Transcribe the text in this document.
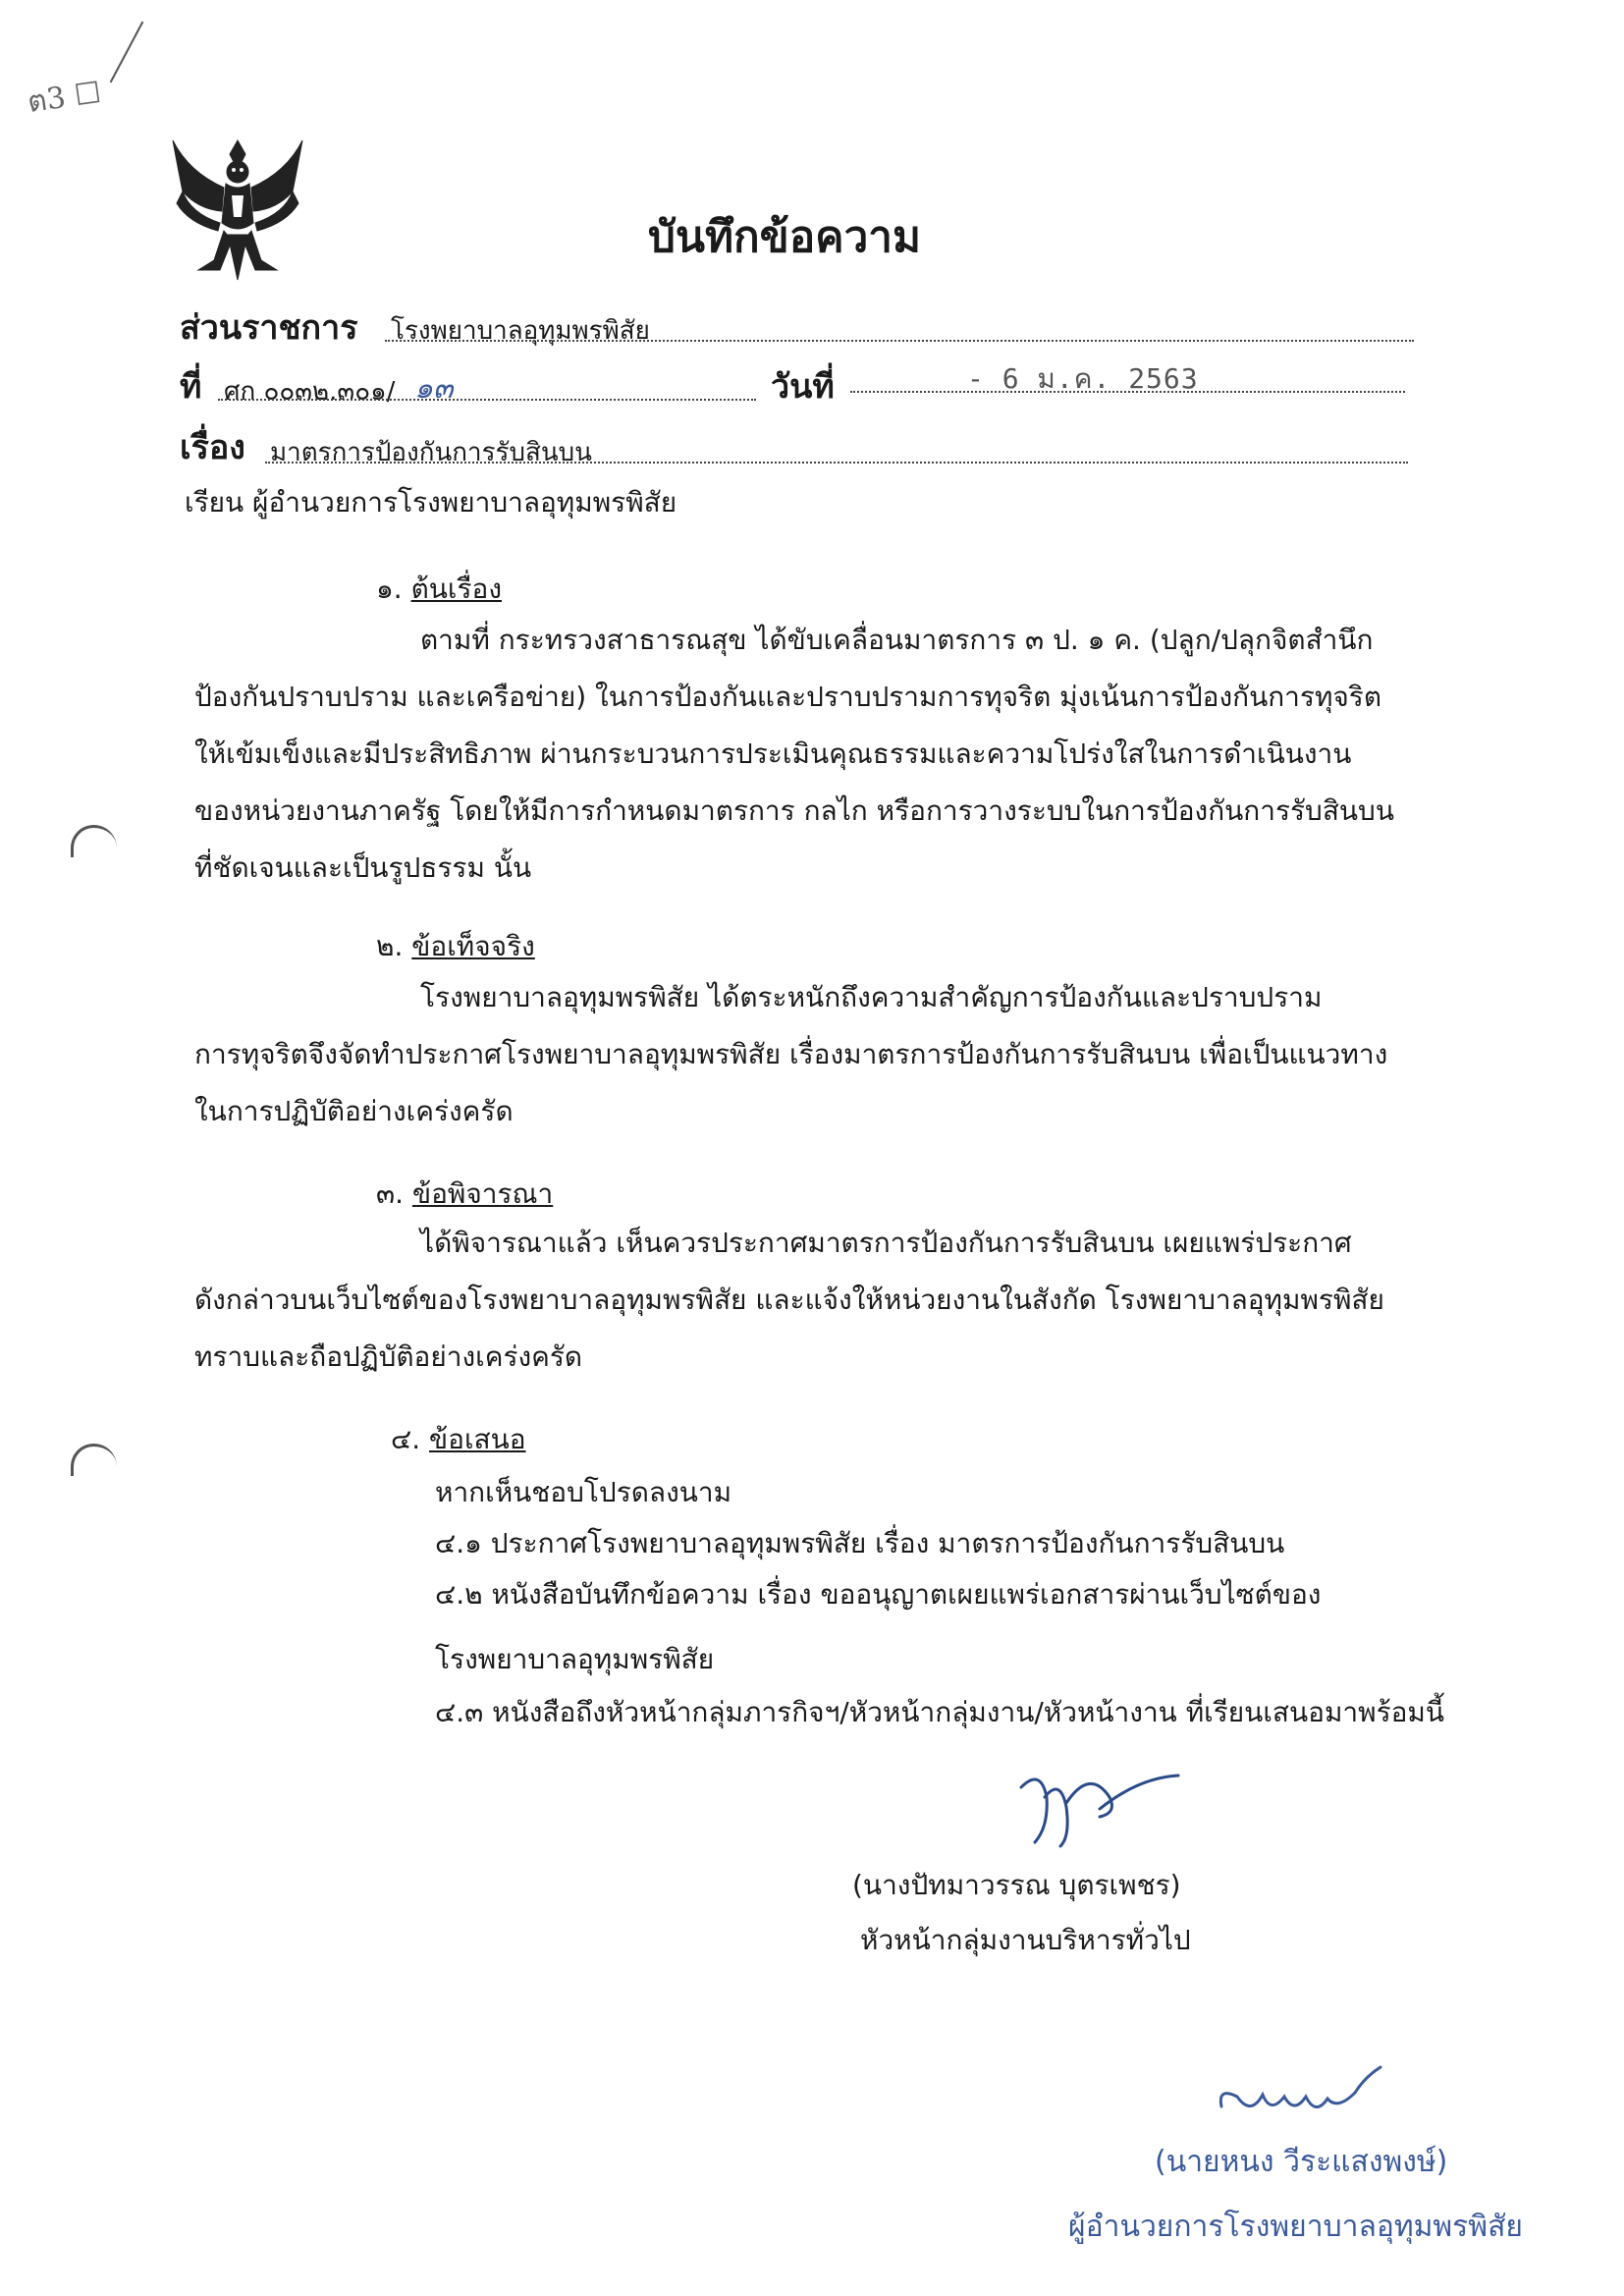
ต3 ☐
บันทึกข้อความ
ส่วนราชการ โรงพยาบาลอุทุมพรพิสัย
ที่ ศก ๐๐๓๒.๓๐๑/ ๑๓	วันที่	- 6 ม.ค. 2563
เรื่อง มาตรการป้องกันการรับสินบน
เรียน ผู้อำนวยการโรงพยาบาลอุทุมพรพิสัย
๑. ต้นเรื่อง
ตามที่ กระทรวงสาธารณสุข ได้ขับเคลื่อนมาตรการ ๓ ป. ๑ ค. (ปลูก/ปลุกจิตสำนึก
ป้องกันปราบปราม และเครือข่าย) ในการป้องกันและปราบปรามการทุจริต มุ่งเน้นการป้องกันการทุจริต
ให้เข้มเข็งและมีประสิทธิภาพ ผ่านกระบวนการประเมินคุณธรรมและความโปร่งใสในการดำเนินงาน
ของหน่วยงานภาครัฐ โดยให้มีการกำหนดมาตรการ กลไก หรือการวางระบบในการป้องกันการรับสินบน
ที่ชัดเจนและเป็นรูปธรรม นั้น
๒. ข้อเท็จจริง
โรงพยาบาลอุทุมพรพิสัย ได้ตระหนักถึงความสำคัญการป้องกันและปราบปราม
การทุจริตจึงจัดทำประกาศโรงพยาบาลอุทุมพรพิสัย เรื่องมาตรการป้องกันการรับสินบน เพื่อเป็นแนวทาง
ในการปฏิบัติอย่างเคร่งครัด
๓. ข้อพิจารณา
ได้พิจารณาแล้ว เห็นควรประกาศมาตรการป้องกันการรับสินบน เผยแพร่ประกาศ
ดังกล่าวบนเว็บไซต์ของโรงพยาบาลอุทุมพรพิสัย และแจ้งให้หน่วยงานในสังกัด โรงพยาบาลอุทุมพรพิสัย
ทราบและถือปฏิบัติอย่างเคร่งครัด
๔. ข้อเสนอ
หากเห็นชอบโปรดลงนาม
๔.๑ ประกาศโรงพยาบาลอุทุมพรพิสัย เรื่อง มาตรการป้องกันการรับสินบน
๔.๒ หนังสือบันทึกข้อความ เรื่อง ขออนุญาตเผยแพร่เอกสารผ่านเว็บไซต์ของ
โรงพยาบาลอุทุมพรพิสัย
๔.๓ หนังสือถึงหัวหน้ากลุ่มภารกิจฯ/หัวหน้ากลุ่มงาน/หัวหน้างาน ที่เรียนเสนอมาพร้อมนี้
(นางปัทมาวรรณ บุตรเพชร)
หัวหน้ากลุ่มงานบริหารทั่วไป
(นายหนง วีระแสงพงษ์)
ผู้อำนวยการโรงพยาบาลอุทุมพรพิสัย
